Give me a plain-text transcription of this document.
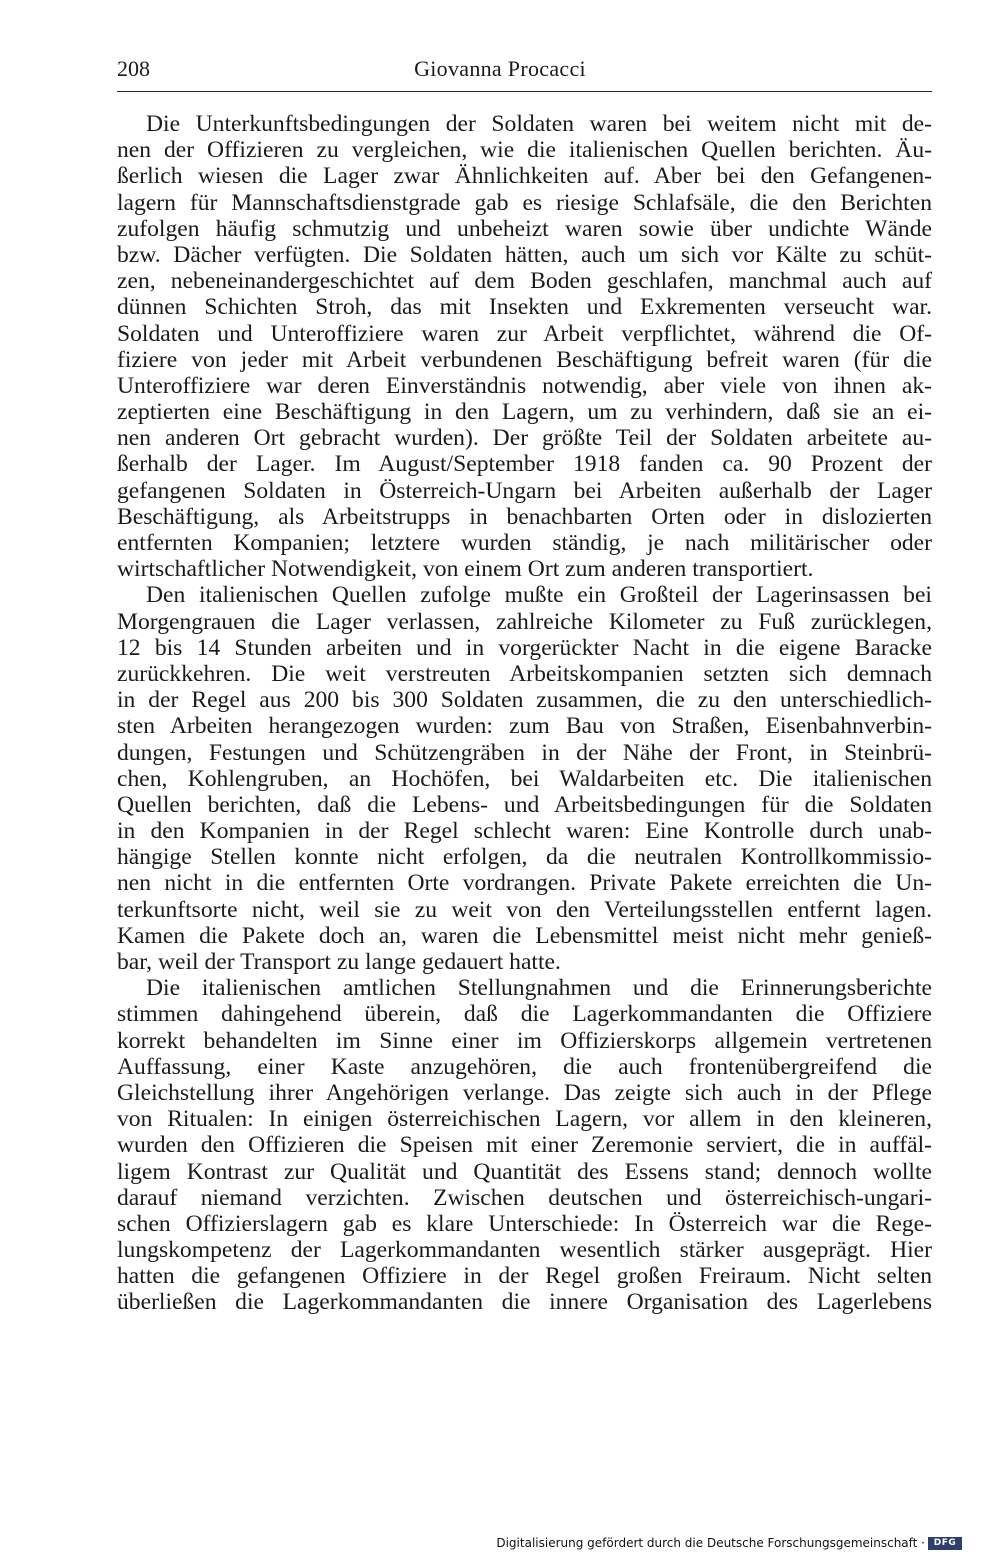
208	Giovanna Procacci
Die Unterkunftsbedingungen der Soldaten waren bei weitem nicht mit de-
nen der Offizieren zu vergleichen, wie die italienischen Quellen berichten. Äu-
ßerlich wiesen die Lager zwar Ähnlichkeiten auf. Aber bei den Gefangenen-
lagern für Mannschaftsdienstgrade gab es riesige Schlafsäle, die den Berichten
zufolgen häufig schmutzig und unbeheizt waren sowie über undichte Wände
bzw. Dächer verfügten. Die Soldaten hätten, auch um sich vor Kälte zu schüt-
zen, nebeneinandergeschichtet auf dem Boden geschlafen, manchmal auch auf
dünnen Schichten Stroh, das mit Insekten und Exkrementen verseucht war.
Soldaten und Unteroffiziere waren zur Arbeit verpflichtet, während die Of-
fiziere von jeder mit Arbeit verbundenen Beschäftigung befreit waren (für die
Unteroffiziere war deren Einverständnis notwendig, aber viele von ihnen ak-
zeptierten eine Beschäftigung in den Lagern, um zu verhindern, daß sie an ei-
nen anderen Ort gebracht wurden). Der größte Teil der Soldaten arbeitete au-
ßerhalb der Lager. Im August/September 1918 fanden ca. 90 Prozent der
gefangenen Soldaten in Österreich-Ungarn bei Arbeiten außerhalb der Lager
Beschäftigung, als Arbeitstrupps in benachbarten Orten oder in dislozierten
entfernten Kompanien; letztere wurden ständig, je nach militärischer oder
wirtschaftlicher Notwendigkeit, von einem Ort zum anderen transportiert.
Den italienischen Quellen zufolge mußte ein Großteil der Lagerinsassen bei
Morgengrauen die Lager verlassen, zahlreiche Kilometer zu Fuß zurücklegen,
12 bis 14 Stunden arbeiten und in vorgerückter Nacht in die eigene Baracke
zurückkehren. Die weit verstreuten Arbeitskompanien setzten sich demnach
in der Regel aus 200 bis 300 Soldaten zusammen, die zu den unterschiedlich-
sten Arbeiten herangezogen wurden: zum Bau von Straßen, Eisenbahnverbin-
dungen, Festungen und Schützengräben in der Nähe der Front, in Steinbrü-
chen, Kohlengruben, an Hochöfen, bei Waldarbeiten etc. Die italienischen
Quellen berichten, daß die Lebens- und Arbeitsbedingungen für die Soldaten
in den Kompanien in der Regel schlecht waren: Eine Kontrolle durch unab-
hängige Stellen konnte nicht erfolgen, da die neutralen Kontrollkommissio-
nen nicht in die entfernten Orte vordrangen. Private Pakete erreichten die Un-
terkunftsorte nicht, weil sie zu weit von den Verteilungsstellen entfernt lagen.
Kamen die Pakete doch an, waren die Lebensmittel meist nicht mehr genieß-
bar, weil der Transport zu lange gedauert hatte.
Die italienischen amtlichen Stellungnahmen und die Erinnerungsberichte
stimmen dahingehend überein, daß die Lagerkommandanten die Offiziere
korrekt behandelten im Sinne einer im Offizierskorps allgemein vertretenen
Auffassung, einer Kaste anzugehören, die auch frontenübergreifend die
Gleichstellung ihrer Angehörigen verlange. Das zeigte sich auch in der Pflege
von Ritualen: In einigen österreichischen Lagern, vor allem in den kleineren,
wurden den Offizieren die Speisen mit einer Zeremonie serviert, die in auffäl-
ligem Kontrast zur Qualität und Quantität des Essens stand; dennoch wollte
darauf niemand verzichten. Zwischen deutschen und österreichisch-ungari-
schen Offizierslagern gab es klare Unterschiede: In Österreich war die Rege-
lungskompetenz der Lagerkommandanten wesentlich stärker ausgeprägt. Hier
hatten die gefangenen Offiziere in der Regel großen Freiraum. Nicht selten
überließen die Lagerkommandanten die innere Organisation des Lagerlebens
Digitalisierung gefördert durch die Deutsche Forschungsgemeinschaft · DFG
